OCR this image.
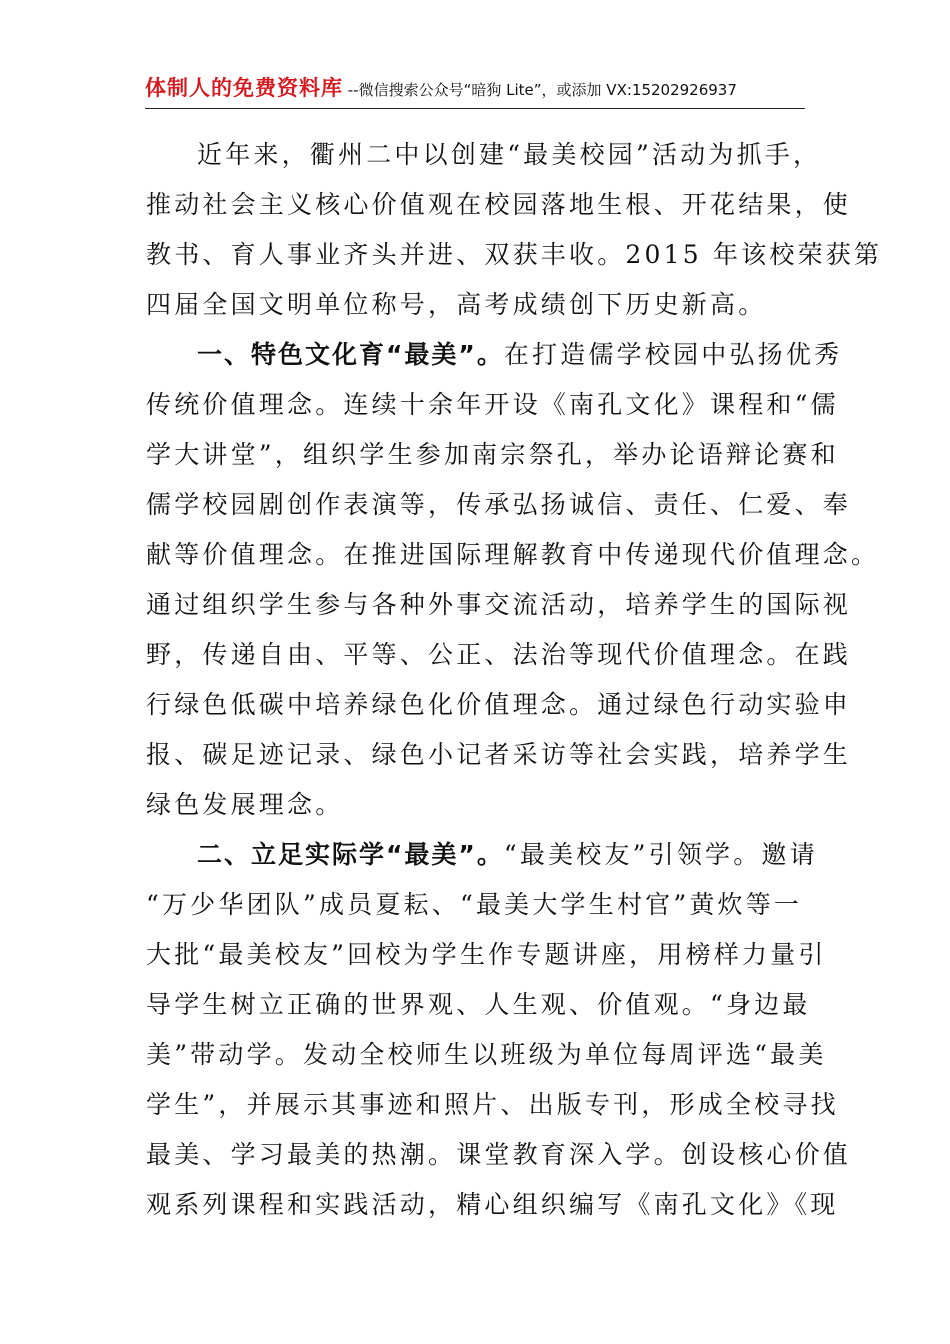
体制人的免费资料库 --微信搜索公众号“暗狗 Lite”，或添加 VX:15202926937
近年来，衢州二中以创建“最美校园”活动为抓手，
推动社会主义核心价值观在校园落地生根、开花结果，使
教书、育人事业齐头并进、双获丰收。2015 年该校荣获第
四届全国文明单位称号，高考成绩创下历史新高。
一、特色文化育“最美”。在打造儒学校园中弘扬优秀
传统价值理念。连续十余年开设《南孔文化》课程和“儒
学大讲堂”，组织学生参加南宗祭孔，举办论语辩论赛和
儒学校园剧创作表演等，传承弘扬诚信、责任、仁爱、奉
献等价值理念。在推进国际理解教育中传递现代价值理念。
通过组织学生参与各种外事交流活动，培养学生的国际视
野，传递自由、平等、公正、法治等现代价值理念。在践
行绿色低碳中培养绿色化价值理念。通过绿色行动实验申
报、碳足迹记录、绿色小记者采访等社会实践，培养学生
绿色发展理念。
二、立足实际学“最美”。“最美校友”引领学。邀请
“万少华团队”成员夏耘、“最美大学生村官”黄炊等一
大批“最美校友”回校为学生作专题讲座，用榜样力量引
导学生树立正确的世界观、人生观、价值观。“身边最
美”带动学。发动全校师生以班级为单位每周评选“最美
学生”，并展示其事迹和照片、出版专刊，形成全校寻找
最美、学习最美的热潮。课堂教育深入学。创设核心价值
观系列课程和实践活动，精心组织编写《南孔文化》《现
